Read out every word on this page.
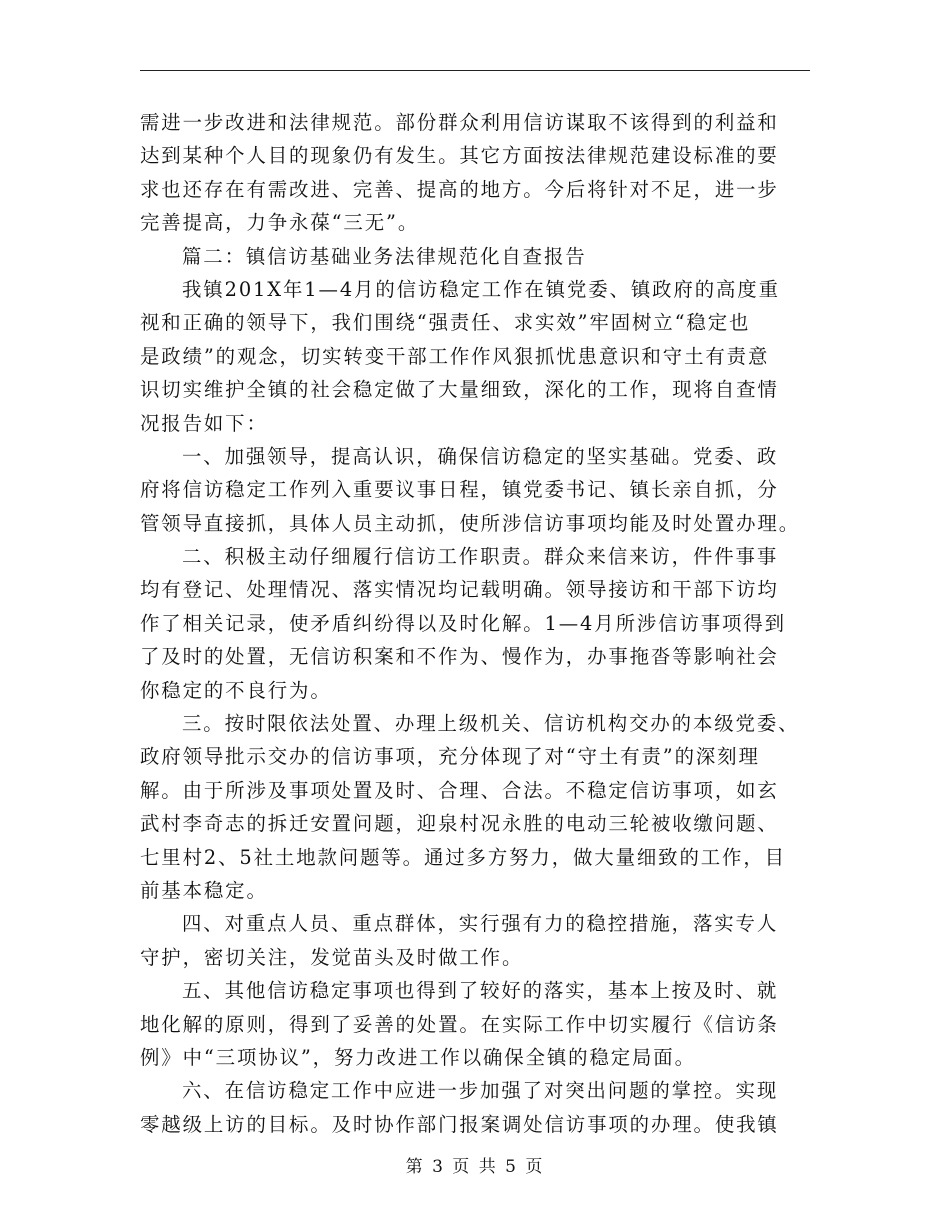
需进一步改进和法律规范。部份群众利用信访谋取不该得到的利益和
达到某种个人目的现象仍有发生。其它方面按法律规范建设标准的要
求也还存在有需改进、完善、提高的地方。今后将针对不足，进一步
完善提高，力争永葆“三无”。
篇二：镇信访基础业务法律规范化自查报告
我镇201X年1—4月的信访稳定工作在镇党委、镇政府的高度重
视和正确的领导下，我们围绕“强责任、求实效”牢固树立“稳定也
是政绩”的观念，切实转变干部工作作风狠抓忧患意识和守土有责意
识切实维护全镇的社会稳定做了大量细致，深化的工作，现将自查情
况报告如下：
一、加强领导，提高认识，确保信访稳定的坚实基础。党委、政
府将信访稳定工作列入重要议事日程，镇党委书记、镇长亲自抓，分
管领导直接抓，具体人员主动抓，使所涉信访事项均能及时处置办理。
二、积极主动仔细履行信访工作职责。群众来信来访，件件事事
均有登记、处理情况、落实情况均记载明确。领导接访和干部下访均
作了相关记录，使矛盾纠纷得以及时化解。1—4月所涉信访事项得到
了及时的处置，无信访积案和不作为、慢作为，办事拖沓等影响社会
你稳定的不良行为。
三。按时限依法处置、办理上级机关、信访机构交办的本级党委、
政府领导批示交办的信访事项，充分体现了对“守土有责”的深刻理
解。由于所涉及事项处置及时、合理、合法。不稳定信访事项，如玄
武村李奇志的拆迁安置问题，迎泉村况永胜的电动三轮被收缴问题、
七里村2、5社土地款问题等。通过多方努力，做大量细致的工作，目
前基本稳定。
四、对重点人员、重点群体，实行强有力的稳控措施，落实专人
守护，密切关注，发觉苗头及时做工作。
五、其他信访稳定事项也得到了较好的落实，基本上按及时、就
地化解的原则，得到了妥善的处置。在实际工作中切实履行《信访条
例》中“三项协议”，努力改进工作以确保全镇的稳定局面。
六、在信访稳定工作中应进一步加强了对突出问题的掌控。实现
零越级上访的目标。及时协作部门报案调处信访事项的办理。使我镇
第 3 页 共 5 页
